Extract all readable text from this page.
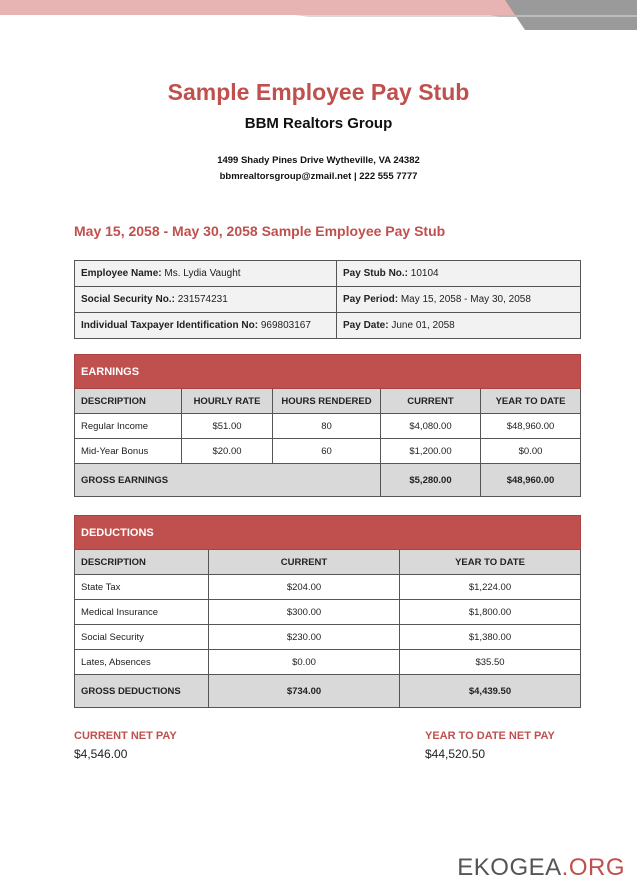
Sample Employee Pay Stub
BBM Realtors Group
1499 Shady Pines Drive Wytheville, VA 24382
bbmrealtorsgroup@zmail.net | 222 555 7777
May 15, 2058 - May 30, 2058 Sample Employee Pay Stub
Employee Name: Ms. Lydia Vaught	Pay Stub No.: 10104
Social Security No.: 231574231	Pay Period: May 15, 2058 - May 30, 2058
Individual Taxpayer Identification No: 969803167	Pay Date: June 01, 2058
EARNINGS				
DESCRIPTION	HOURLY RATE	HOURS RENDERED	CURRENT	YEAR TO DATE
Regular Income	$51.00	80	$4,080.00	$48,960.00
Mid-Year Bonus	$20.00	60	$1,200.00	$0.00
GROSS EARNINGS			$5,280.00	$48,960.00
DEDUCTIONS		
DESCRIPTION	CURRENT	YEAR TO DATE
State Tax	$204.00	$1,224.00
Medical Insurance	$300.00	$1,800.00
Social Security	$230.00	$1,380.00
Lates, Absences	$0.00	$35.50
GROSS DEDUCTIONS	$734.00	$4,439.50
CURRENT NET PAY
$4,546.00
YEAR TO DATE NET PAY
$44,520.50
EKOGEA.ORG
